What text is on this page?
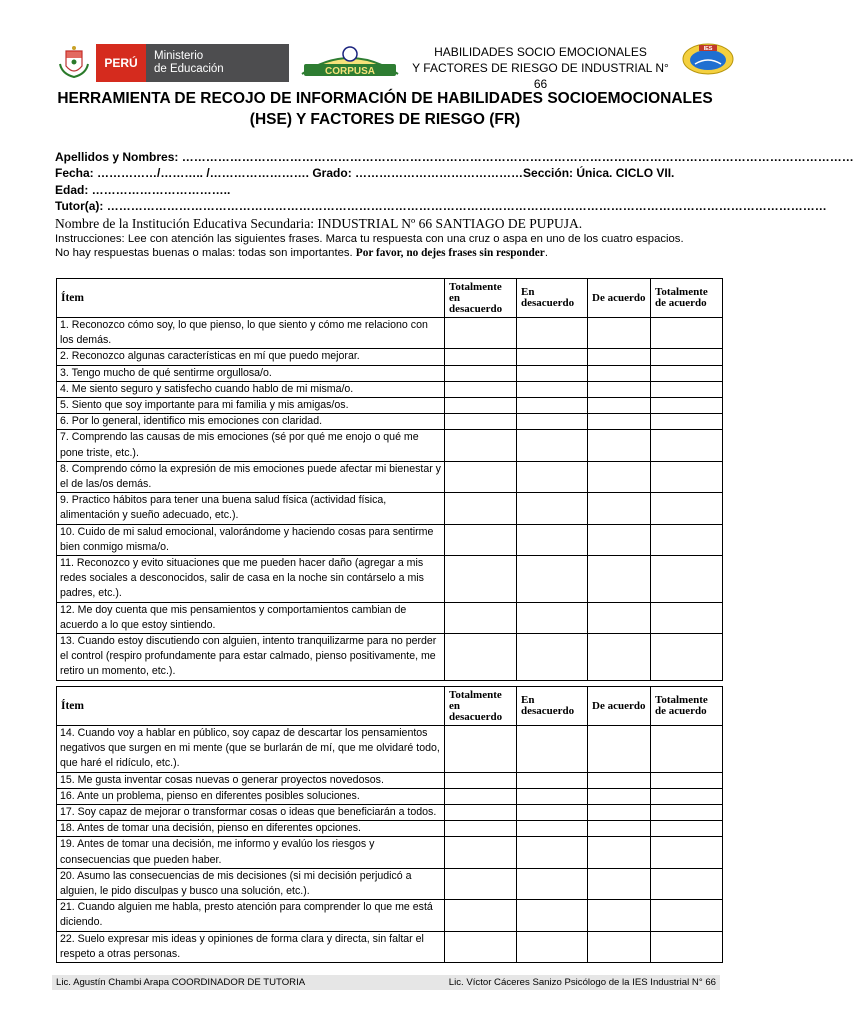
PERÚ	Ministerio
de Educación	CORPUSA
HABILIDADES SOCIO EMOCIONALES
Y FACTORES DE RIESGO DE INDUSTRIAL N° 66
IES
HERRAMIENTA DE RECOJO DE INFORMACIÓN DE HABILIDADES SOCIOEMOCIONALES
(HSE) Y FACTORES DE RIESGO (FR)
Apellidos y Nombres: ……………………………………………………………………………………………………………………………………………………
Fecha: ……………/……….. /……………………. Grado: ……………………………………Sección: Única. CICLO VII.
Edad: ……………………………..
Tutor(a): ………………………………………………………………………………………………………………………………………………………………
Nombre de la Institución Educativa Secundaria: INDUSTRIAL Nº 66 SANTIAGO DE PUPUJA.
Instrucciones: Lee con atención las siguientes frases. Marca tu respuesta con una cruz o aspa en uno de los cuatro espacios.
No hay respuestas buenas o malas: todas son importantes. Por favor, no dejes frases sin responder.
Ítem	Totalmente en desacuerdo	En desacuerdo	De acuerdo	Totalmente de acuerdo
1. Reconozco cómo soy, lo que pienso, lo que siento y cómo me relaciono con los demás.				
2. Reconozco algunas características en mí que puedo mejorar.				
3. Tengo mucho de qué sentirme orgullosa/o.				
4. Me siento seguro y satisfecho cuando hablo de mi misma/o.				
5. Siento que soy importante para mi familia y mis amigas/os.				
6. Por lo general, identifico mis emociones con claridad.				
7. Comprendo las causas de mis emociones (sé por qué me enojo o qué me pone triste, etc.).				
8. Comprendo cómo la expresión de mis emociones puede afectar mi bienestar y el de las/os demás.				
9. Practico hábitos para tener una buena salud física (actividad física, alimentación y sueño adecuado, etc.).				
10. Cuido de mi salud emocional, valorándome y haciendo cosas para sentirme bien conmigo misma/o.				
11. Reconozco y evito situaciones que me pueden hacer daño (agregar a mis redes sociales a desconocidos, salir de casa en la noche sin contárselo a mis padres, etc.).				
12. Me doy cuenta que mis pensamientos y comportamientos cambian de acuerdo a lo que estoy sintiendo.				
13. Cuando estoy discutiendo con alguien, intento tranquilizarme para no perder el control (respiro profundamente para estar calmado, pienso positivamente, me retiro un momento, etc.).				
Ítem	Totalmente en desacuerdo	En desacuerdo	De acuerdo	Totalmente de acuerdo
14. Cuando voy a hablar en público, soy capaz de descartar los pensamientos negativos que surgen en mi mente (que se burlarán de mí, que me olvidaré todo, que haré el ridículo, etc.).				
15. Me gusta inventar cosas nuevas o generar proyectos novedosos.				
16. Ante un problema, pienso en diferentes posibles soluciones.				
17. Soy capaz de mejorar o transformar cosas o ideas que beneficiarán a todos.				
18. Antes de tomar una decisión, pienso en diferentes opciones.				
19. Antes de tomar una decisión, me informo y evalúo los riesgos y consecuencias que pueden haber.				
20. Asumo las consecuencias de mis decisiones (si mi decisión perjudicó a alguien, le pido disculpas y busco una solución, etc.).				
21. Cuando alguien me habla, presto atención para comprender lo que me está diciendo.				
22. Suelo expresar mis ideas y opiniones de forma clara y directa, sin faltar el respeto a otras personas.				
Lic. Agustín Chambi Arapa COORDINADOR DE TUTORIA	Lic. Víctor Cáceres Sanizo Psicólogo de la IES Industrial N° 66
